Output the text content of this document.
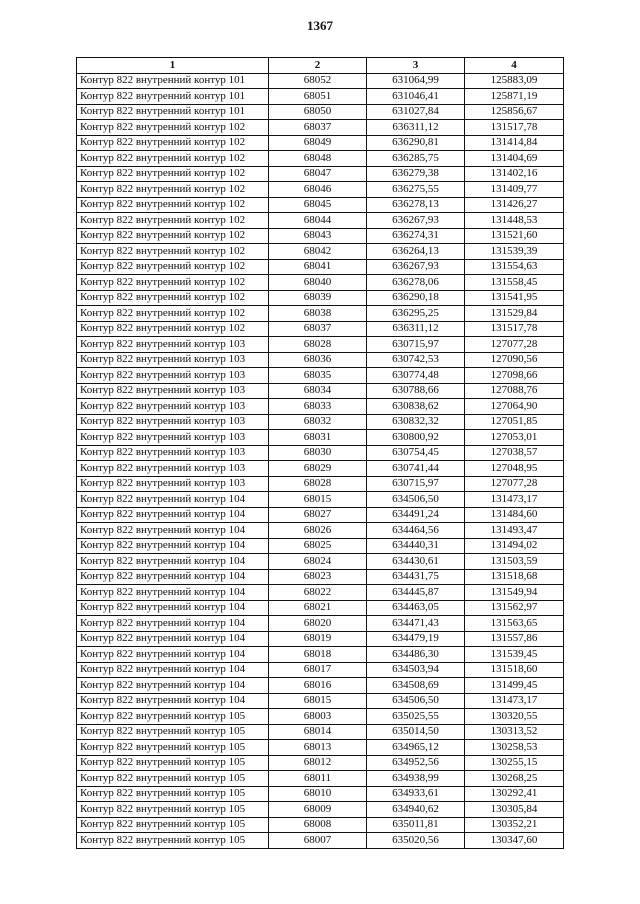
1367
1	2	3	4
Контур 822 внутренний контур 101	68052	631064,99	125883,09
Контур 822 внутренний контур 101	68051	631046,41	125871,19
Контур 822 внутренний контур 101	68050	631027,84	125856,67
Контур 822 внутренний контур 102	68037	636311,12	131517,78
Контур 822 внутренний контур 102	68049	636290,81	131414,84
Контур 822 внутренний контур 102	68048	636285,75	131404,69
Контур 822 внутренний контур 102	68047	636279,38	131402,16
Контур 822 внутренний контур 102	68046	636275,55	131409,77
Контур 822 внутренний контур 102	68045	636278,13	131426,27
Контур 822 внутренний контур 102	68044	636267,93	131448,53
Контур 822 внутренний контур 102	68043	636274,31	131521,60
Контур 822 внутренний контур 102	68042	636264,13	131539,39
Контур 822 внутренний контур 102	68041	636267,93	131554,63
Контур 822 внутренний контур 102	68040	636278,06	131558,45
Контур 822 внутренний контур 102	68039	636290,18	131541,95
Контур 822 внутренний контур 102	68038	636295,25	131529,84
Контур 822 внутренний контур 102	68037	636311,12	131517,78
Контур 822 внутренний контур 103	68028	630715,97	127077,28
Контур 822 внутренний контур 103	68036	630742,53	127090,56
Контур 822 внутренний контур 103	68035	630774,48	127098,66
Контур 822 внутренний контур 103	68034	630788,66	127088,76
Контур 822 внутренний контур 103	68033	630838,62	127064,90
Контур 822 внутренний контур 103	68032	630832,32	127051,85
Контур 822 внутренний контур 103	68031	630800,92	127053,01
Контур 822 внутренний контур 103	68030	630754,45	127038,57
Контур 822 внутренний контур 103	68029	630741,44	127048,95
Контур 822 внутренний контур 103	68028	630715,97	127077,28
Контур 822 внутренний контур 104	68015	634506,50	131473,17
Контур 822 внутренний контур 104	68027	634491,24	131484,60
Контур 822 внутренний контур 104	68026	634464,56	131493,47
Контур 822 внутренний контур 104	68025	634440,31	131494,02
Контур 822 внутренний контур 104	68024	634430,61	131503,59
Контур 822 внутренний контур 104	68023	634431,75	131518,68
Контур 822 внутренний контур 104	68022	634445,87	131549,94
Контур 822 внутренний контур 104	68021	634463,05	131562,97
Контур 822 внутренний контур 104	68020	634471,43	131563,65
Контур 822 внутренний контур 104	68019	634479,19	131557,86
Контур 822 внутренний контур 104	68018	634486,30	131539,45
Контур 822 внутренний контур 104	68017	634503,94	131518,60
Контур 822 внутренний контур 104	68016	634508,69	131499,45
Контур 822 внутренний контур 104	68015	634506,50	131473,17
Контур 822 внутренний контур 105	68003	635025,55	130320,55
Контур 822 внутренний контур 105	68014	635014,50	130313,52
Контур 822 внутренний контур 105	68013	634965,12	130258,53
Контур 822 внутренний контур 105	68012	634952,56	130255,15
Контур 822 внутренний контур 105	68011	634938,99	130268,25
Контур 822 внутренний контур 105	68010	634933,61	130292,41
Контур 822 внутренний контур 105	68009	634940,62	130305,84
Контур 822 внутренний контур 105	68008	635011,81	130352,21
Контур 822 внутренний контур 105	68007	635020,56	130347,60
